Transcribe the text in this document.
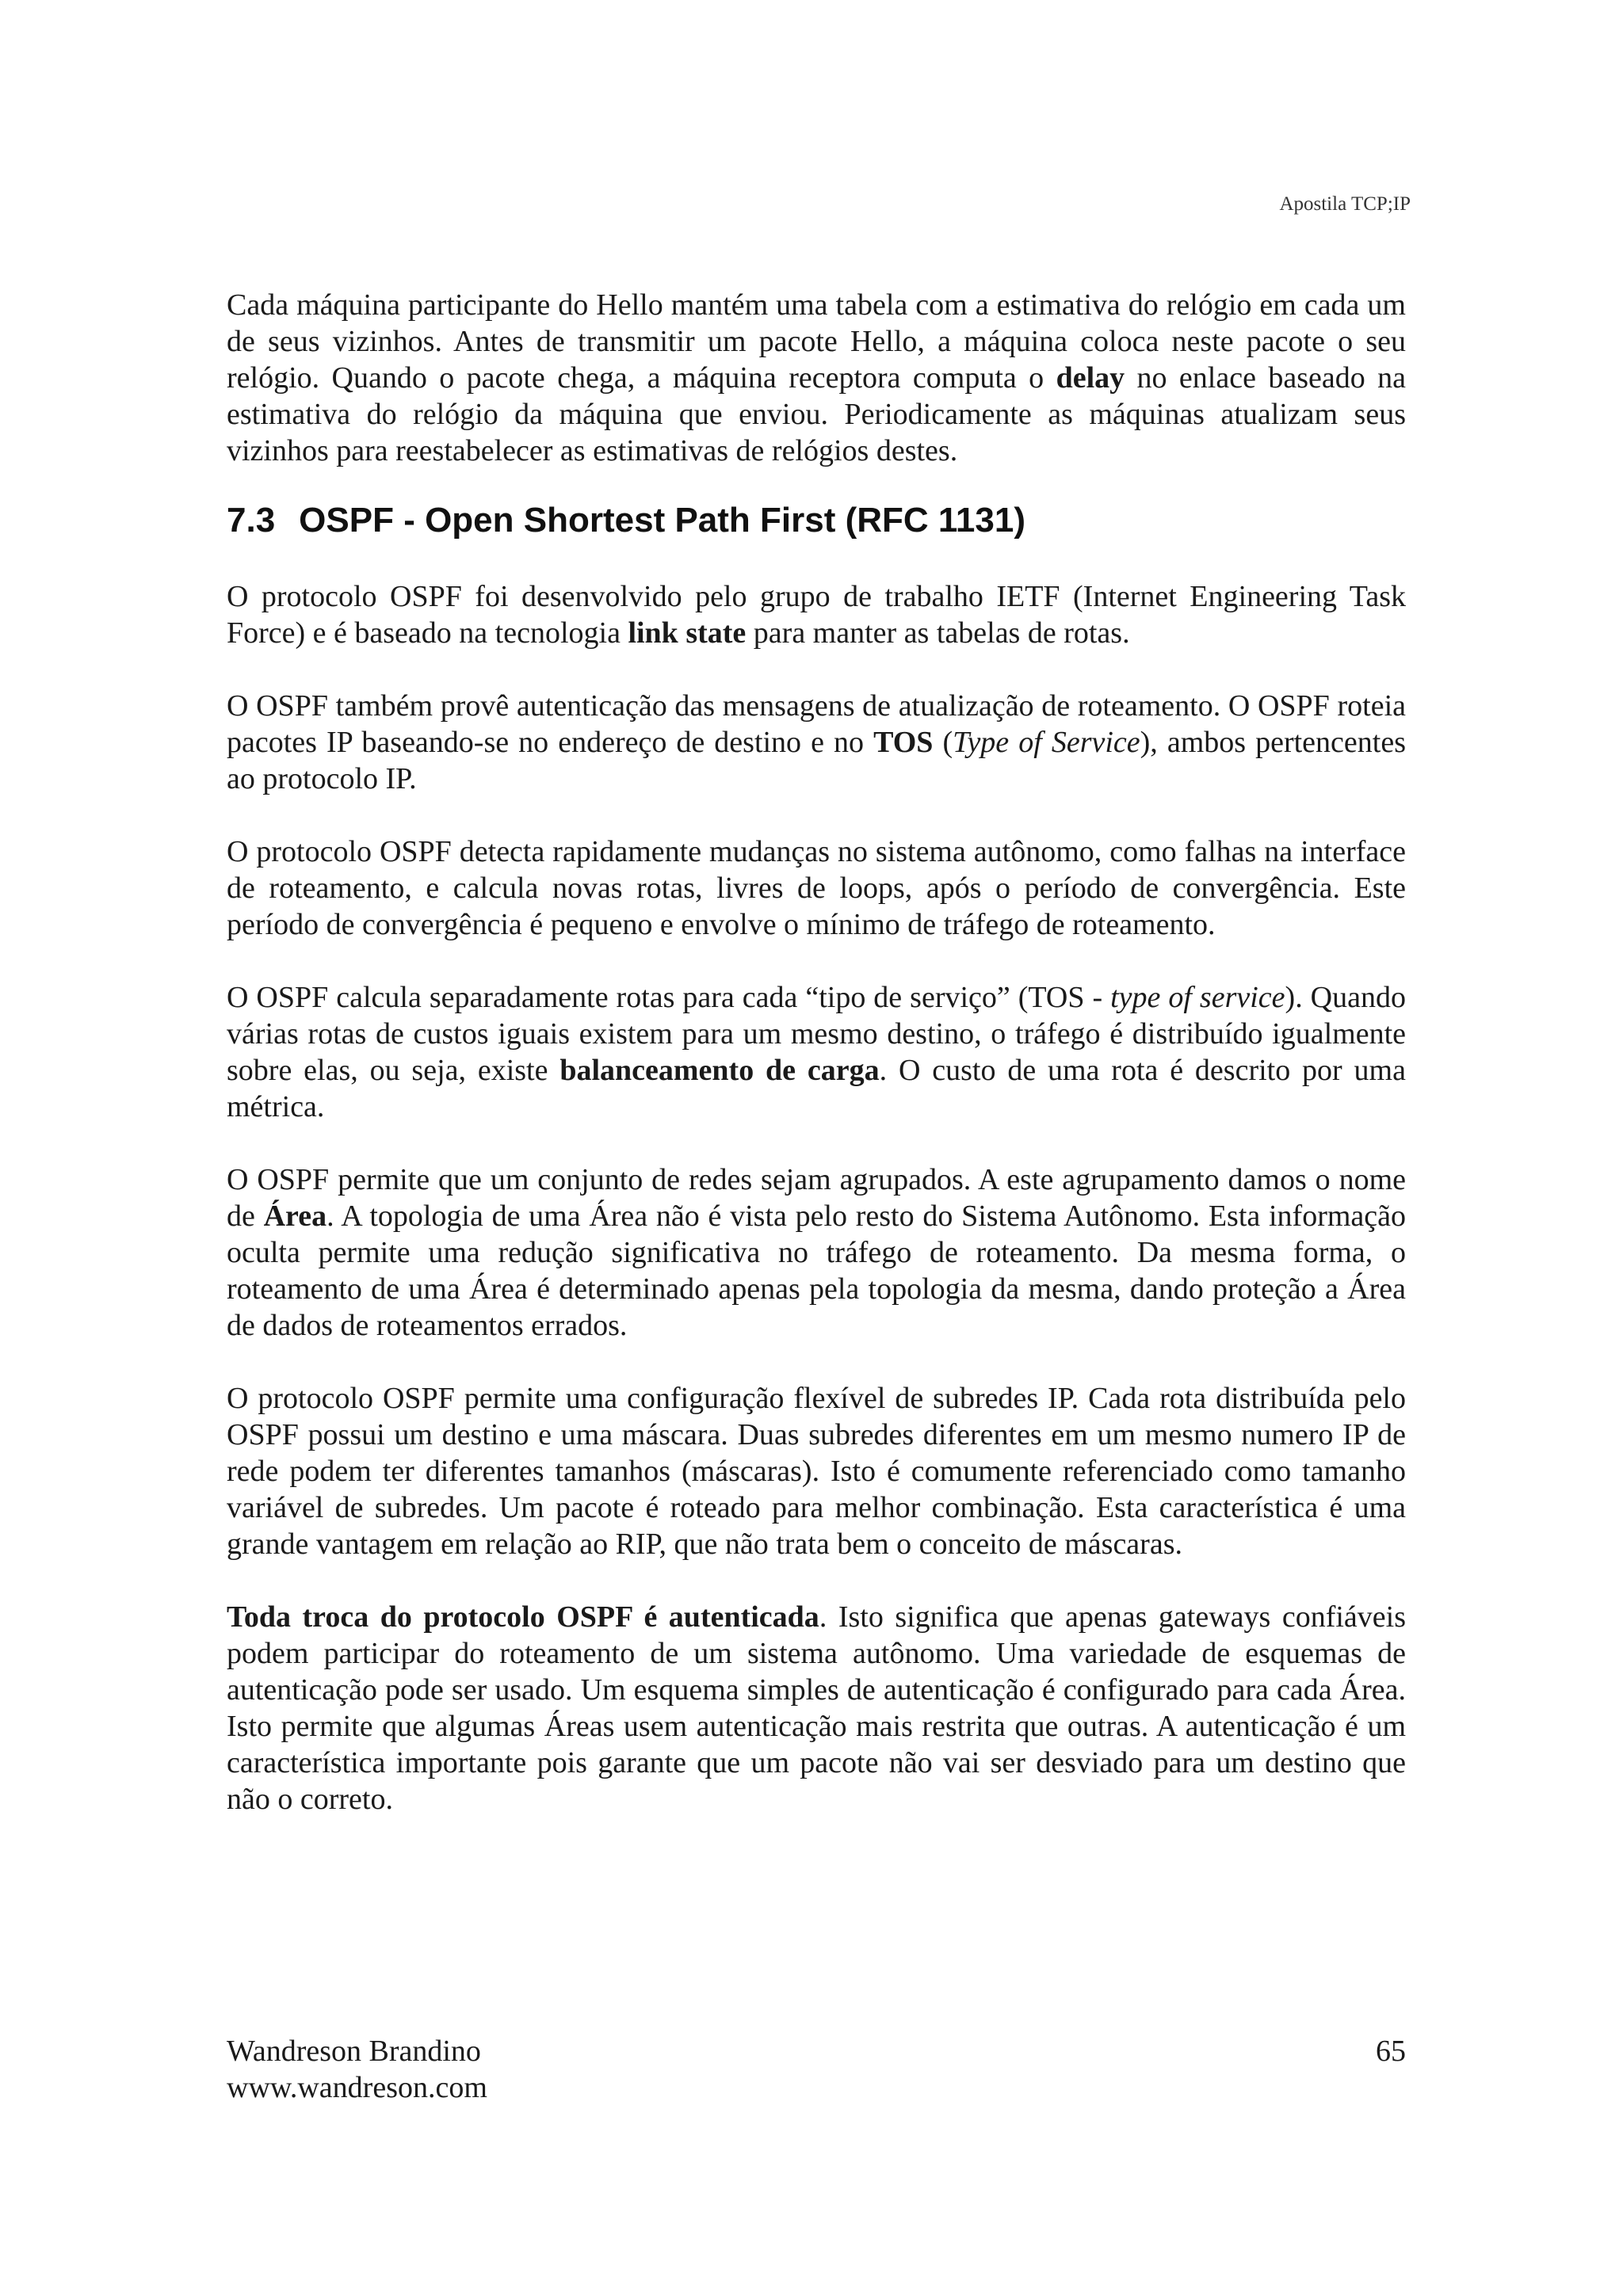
Apostila TCP;IP

Cada máquina participante do Hello mantém uma tabela com a estimativa do relógio em cada um de seus vizinhos. Antes de transmitir um pacote Hello, a máquina coloca neste pacote o seu relógio. Quando o pacote chega, a máquina receptora computa o delay no enlace baseado na estimativa do relógio da máquina que enviou. Periodicamente as máquinas atualizam seus vizinhos para reestabelecer as estimativas de relógios destes.

7.3 OSPF - Open Shortest Path First (RFC 1131)

O protocolo OSPF foi desenvolvido pelo grupo de trabalho IETF (Internet Engineering Task Force) e é baseado na tecnologia link state para manter as tabelas de rotas.

O OSPF também provê autenticação das mensagens de atualização de roteamento. O OSPF roteia pacotes IP baseando-se no endereço de destino e no TOS (Type of Service), ambos pertencentes ao protocolo IP.

O protocolo OSPF detecta rapidamente mudanças no sistema autônomo, como falhas na interface de roteamento, e calcula novas rotas, livres de loops, após o período de convergência. Este período de convergência é pequeno e envolve o mínimo de tráfego de roteamento.

O OSPF calcula separadamente rotas para cada “tipo de serviço” (TOS - type of service). Quando várias rotas de custos iguais existem para um mesmo destino, o tráfego é distribuído igualmente sobre elas, ou seja, existe balanceamento de carga. O custo de uma rota é descrito por uma métrica.

O OSPF permite que um conjunto de redes sejam agrupados. A este agrupamento damos o nome de Área. A topologia de uma Área não é vista pelo resto do Sistema Autônomo. Esta informação oculta permite uma redução significativa no tráfego de roteamento. Da mesma forma, o roteamento de uma Área é determinado apenas pela topologia da mesma, dando proteção a Área de dados de roteamentos errados.

O protocolo OSPF permite uma configuração flexível de subredes IP. Cada rota distribuída pelo OSPF possui um destino e uma máscara. Duas subredes diferentes em um mesmo numero IP de rede podem ter diferentes tamanhos (máscaras). Isto é comumente referenciado como tamanho variável de subredes. Um pacote é roteado para melhor combinação. Esta característica é uma grande vantagem em relação ao RIP, que não trata bem o conceito de máscaras.

Toda troca do protocolo OSPF é autenticada. Isto significa que apenas gateways confiáveis podem participar do roteamento de um sistema autônomo. Uma variedade de esquemas de autenticação pode ser usado. Um esquema simples de autenticação é configurado para cada Área. Isto permite que algumas Áreas usem autenticação mais restrita que outras. A autenticação é um característica importante pois garante que um pacote não vai ser desviado para um destino que não o correto.

Wandreson Brandino
www.wandreson.com
65
